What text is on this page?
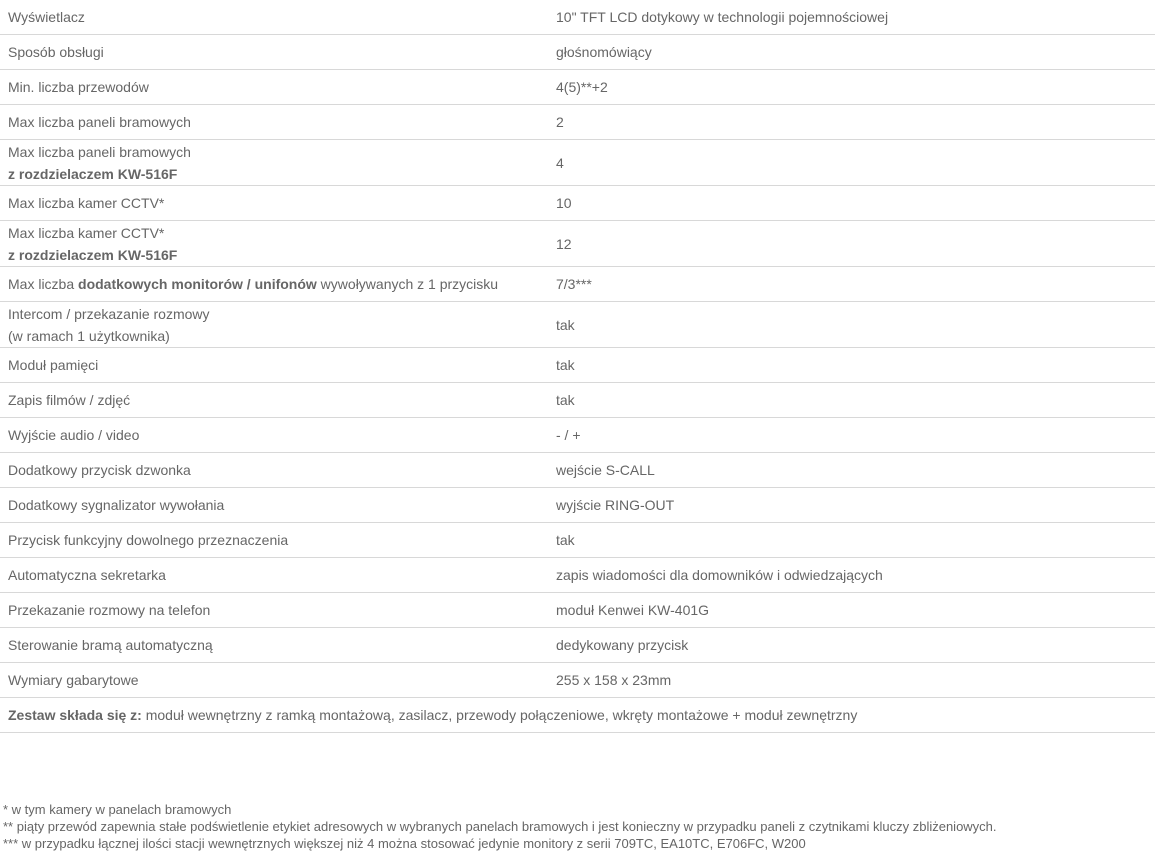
Wyświetlacz	10" TFT LCD dotykowy w technologii pojemnościowej
Sposób obsługi	głośnomówiący
Min. liczba przewodów	4(5)**+2
Max liczba paneli bramowych	2
Max liczba paneli bramowych
z rozdzielaczem KW-516F	4
Max liczba kamer CCTV*	10
Max liczba kamer CCTV*
z rozdzielaczem KW-516F	12
Max liczba dodatkowych monitorów / unifonów wywoływanych z 1 przycisku	7/3***
Intercom / przekazanie rozmowy
(w ramach 1 użytkownika)	tak
Moduł pamięci	tak
Zapis filmów / zdjęć	tak
Wyjście audio / video	- / +
Dodatkowy przycisk dzwonka	wejście S-CALL
Dodatkowy sygnalizator wywołania	wyjście RING-OUT
Przycisk funkcyjny dowolnego przeznaczenia	tak
Automatyczna sekretarka	zapis wiadomości dla domowników i odwiedzających
Przekazanie rozmowy na telefon	moduł Kenwei KW-401G
Sterowanie bramą automatyczną	dedykowany przycisk
Wymiary gabarytowe	255 x 158 x 23mm
Zestaw składa się z: moduł wewnętrzny z ramką montażową, zasilacz, przewody połączeniowe, wkręty montażowe + moduł zewnętrzny	
* w tym kamery w panelach bramowych
** piąty przewód zapewnia stałe podświetlenie etykiet adresowych w wybranych panelach bramowych i jest konieczny w przypadku paneli z czytnikami kluczy zbliżeniowych.
*** w przypadku łącznej ilości stacji wewnętrznych większej niż 4 można stosować jedynie monitory z serii 709TC, EA10TC, E706FC, W200
